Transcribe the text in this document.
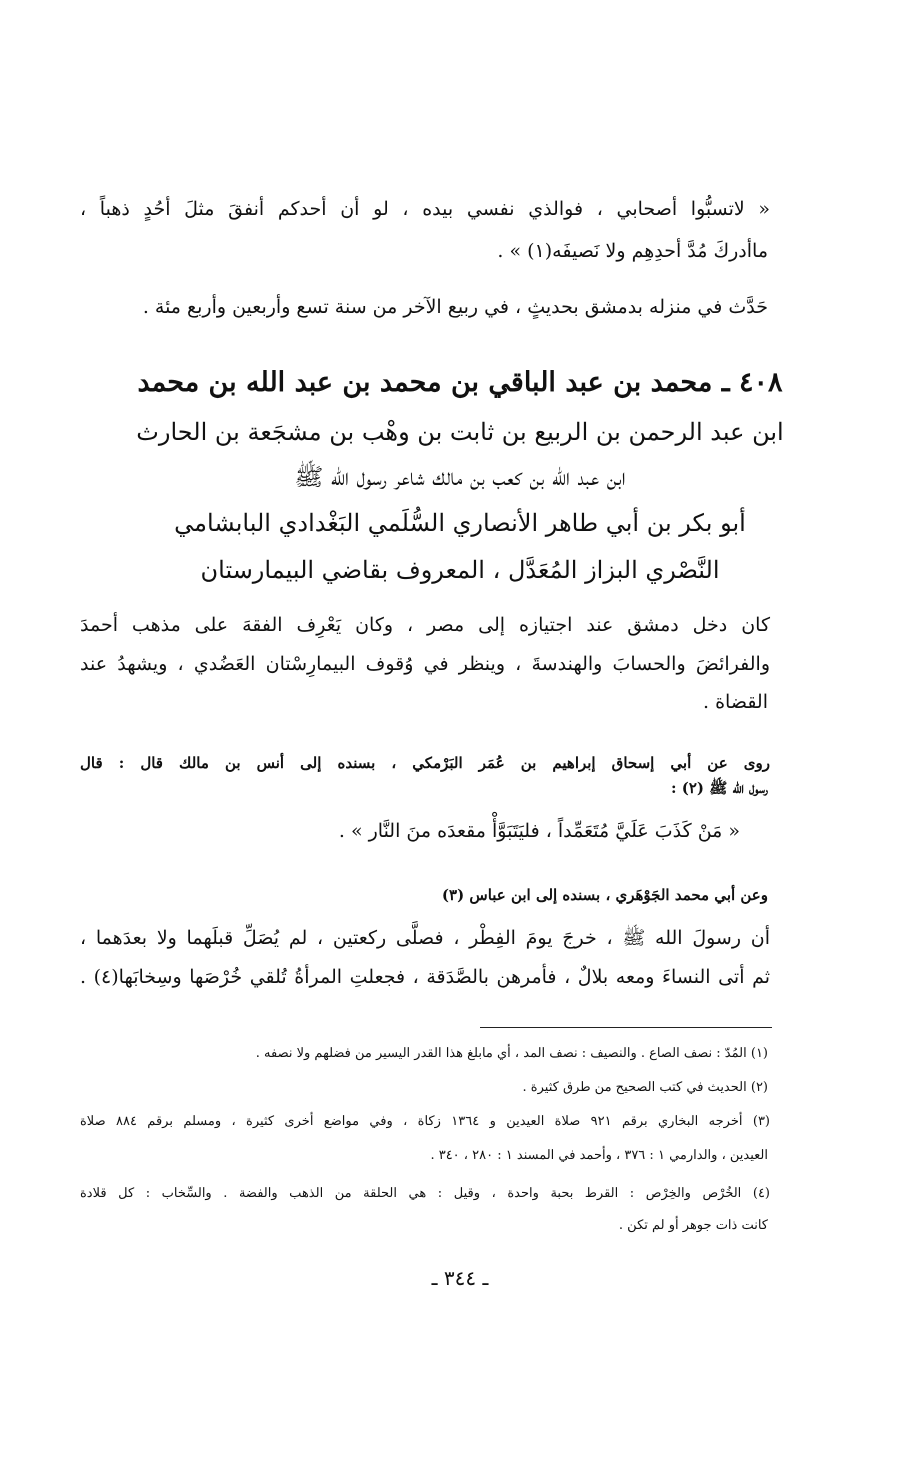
« لاتسبُّوا أصحابي ، فوالذي نفسي بيده ، لو أن أحدكم أنفقَ مثلَ أحُدٍ ذهباً ،
ماأدركَ مُدَّ أحدِهِم ولا نَصيفَه(١) » .
حَدَّث في منزله بدمشق بحديثٍ ، في ربيع الآخر من سنة تسع وأربعين وأربع مئة .
٤٠٨ ـ محمد بن عبد الباقي بن محمد بن عبد الله بن محمد
ابن عبد الرحمن بن الربيع بن ثابت بن وهْب بن مشجَعة بن الحارث
ابن عبد الله بن كعب بن مالك شاعر رسول الله ﷺ
أبو بكر بن أبي طاهر الأنصاري السُّلَمي البَغْدادي البابشامي
النَّصْري البزاز المُعَدَّل ، المعروف بقاضي البيمارستان
كان دخل دمشق عند اجتيازه إلى مصر ، وكان يَعْرِف الفقهَ على مذهب أحمدَ
والفرائضَ والحسابَ والهندسةَ ، وينظر في وُقوف البيمارِسْتان العَضُدي ، ويشهدُ عند
القضاة .
روى عن أبي إسحاق إبراهيم بن عُمَر البَرْمكي ، بسنده إلى أنس بن مالك قال : قال
رسول الله ﷺ (٢) :
« مَنْ كَذَبَ عَلَيَّ مُتَعَمِّداً ، فليَتَبَوَّأْ مقعدَه منَ النَّار » .
وعن أبي محمد الجَوْهَري ، بسنده إلى ابن عباس (٣)
أن رسولَ الله ﷺ ، خرجَ يومَ الفِطْر ، فصلَّى ركعتين ، لم يُصَلِّ قبلَهما ولا بعدَهما ،
ثم أتى النساءَ ومعه بلالٌ ، فأمرهن بالصَّدَقة ، فجعلتِ المرأةُ تُلقي خُرْصَها وسِخابَها(٤) .
(١) المُدّ : نصف الصاع . والنصيف : نصف المد ، أي مابلغ هذا القدر اليسير من فضلهم ولا نصفه .
(٢) الحديث في كتب الصحيح من طرق كثيرة .
(٣) أخرجه البخاري برقم ٩٢١ صلاة العيدين و ١٣٦٤ زكاة ، وفي مواضع أخرى كثيرة ، ومسلم برقم ٨٨٤ صلاة
العيدين ، والدارمي ١ : ٣٧٦ ، وأحمد في المسند ١ : ٢٨٠ ، ٣٤٠ .
(٤) الخُرْص والخِرْص : القرط بحبة واحدة ، وقيل : هي الحلقة من الذهب والفضة . والسِّخاب : كل قلادة
كانت ذات جوهر أو لم تكن .
ـ ٣٤٤ ـ
